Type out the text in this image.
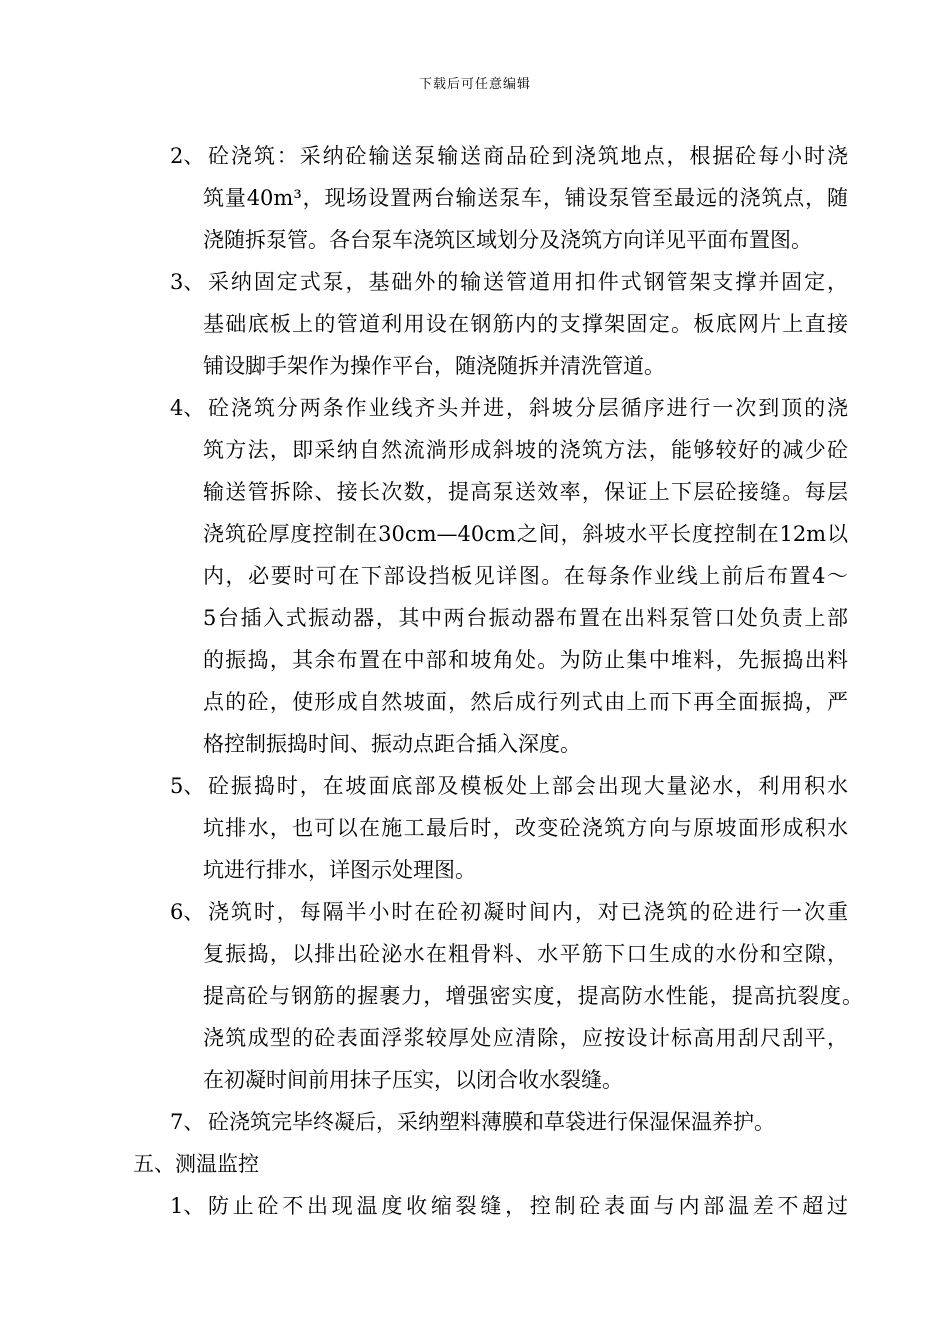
下载后可任意编辑
2、 砼浇筑：采纳砼输送泵输送商品砼到浇筑地点，根据砼每小时浇
筑量40m³，现场设置两台输送泵车，铺设泵管至最远的浇筑点，随
浇随拆泵管。各台泵车浇筑区域划分及浇筑方向详见平面布置图。
3、 采纳固定式泵，基础外的输送管道用扣件式钢管架支撑并固定，
基础底板上的管道利用设在钢筋内的支撑架固定。板底网片上直接
铺设脚手架作为操作平台，随浇随拆并清洗管道。
4、 砼浇筑分两条作业线齐头并进，斜坡分层循序进行一次到顶的浇
筑方法，即采纳自然流淌形成斜坡的浇筑方法，能够较好的减少砼
输送管拆除、接长次数，提高泵送效率，保证上下层砼接缝。每层
浇筑砼厚度控制在30cm—40cm之间，斜坡水平长度控制在12m以
内，必要时可在下部设挡板见详图。在每条作业线上前后布置4～
5台插入式振动器，其中两台振动器布置在出料泵管口处负责上部
的振捣，其余布置在中部和坡角处。为防止集中堆料，先振捣出料
点的砼，使形成自然坡面，然后成行列式由上而下再全面振捣，严
格控制振捣时间、振动点距合插入深度。
5、 砼振捣时，在坡面底部及模板处上部会出现大量泌水，利用积水
坑排水，也可以在施工最后时，改变砼浇筑方向与原坡面形成积水
坑进行排水，详图示处理图。
6、 浇筑时，每隔半小时在砼初凝时间内，对已浇筑的砼进行一次重
复振捣，以排出砼泌水在粗骨料、水平筋下口生成的水份和空隙，
提高砼与钢筋的握裹力，增强密实度，提高防水性能，提高抗裂度。
浇筑成型的砼表面浮浆较厚处应清除，应按设计标高用刮尺刮平，
在初凝时间前用抹子压实，以闭合收水裂缝。
7、 砼浇筑完毕终凝后，采纳塑料薄膜和草袋进行保湿保温养护。
五、测温监控
1、 防止砼不出现温度收缩裂缝，控制砼表面与内部温差不超过
